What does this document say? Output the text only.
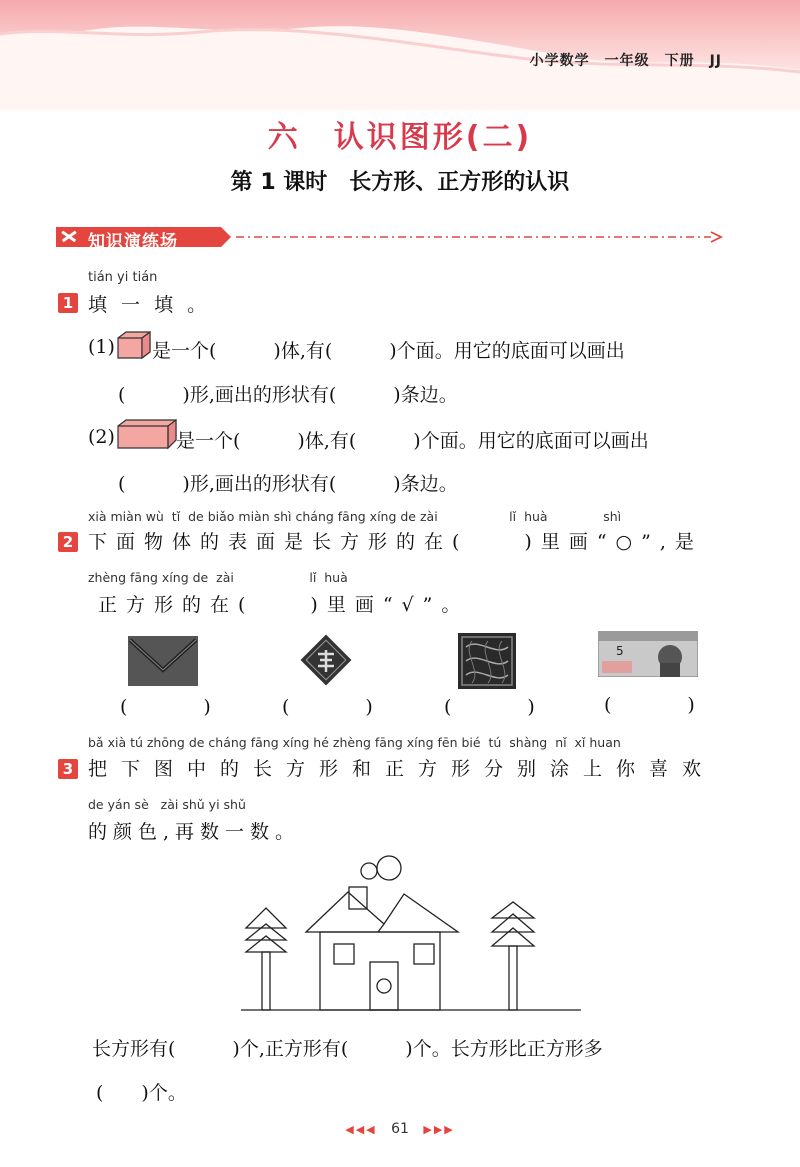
小学数学　一年级　下册　JJ
六　认识图形(二)
第 1 课时　长方形、正方形的认识
知识演练场
tián yi tián
1 填 一 填 。
(1) 是一个(　　　)体,有(　　　)个面。用它的底面可以画出
(　　　)形,画出的形状有(　　　)条边。
(2)	是一个(　　　)体,有(　　　)个面。用它的底面可以画出
(　　　)形,画出的形状有(　　　)条边。
xià miàn wù  tǐ  de biǎo miàn shì cháng fāng xíng de zài                  lǐ  huà              shì
2 下面物体的表面是长方形的在(　　)里画“○”,是
zhèng fāng xíng de  zài                   lǐ  huà
正方形的在(　　)里画“√”。
5
(　　　　)	(　　　　)	(　　　　)	(　　　　)
bǎ xià tú zhōng de cháng fāng xíng hé zhèng fāng xíng fēn bié  tú  shàng  nǐ  xǐ huan
3 把下图中的长方形和正方形分别涂上你喜欢
de yán sè   zài shǔ yi shǔ
的颜色,再数一数。
长方形有(　　　)个,正方形有(　　　)个。长方形比正方形多
(　　)个。
◀◀◀ 61 ▶▶▶
